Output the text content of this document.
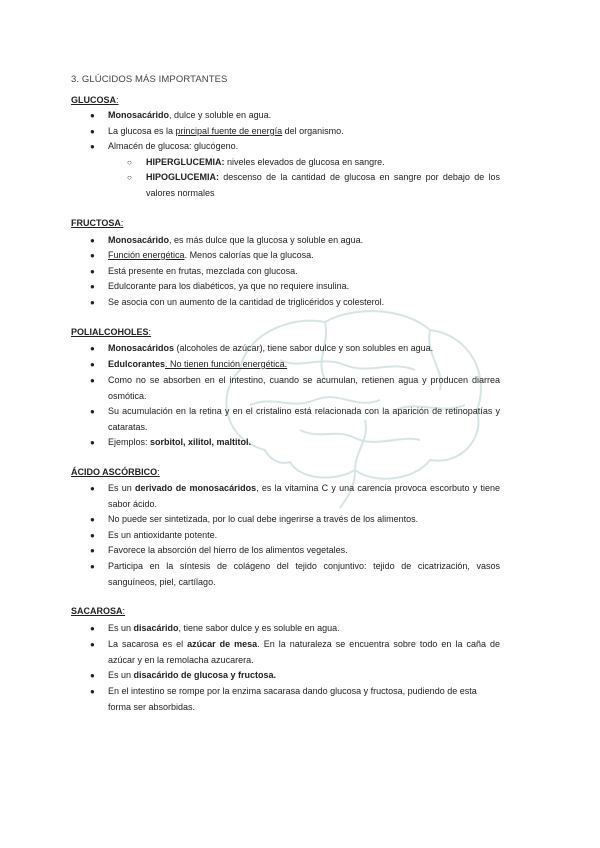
3. GLÚCIDOS MÁS IMPORTANTES
GLUCOSA:
●	Monosacárido, dulce y soluble en agua.
●	La glucosa es la principal fuente de energía del organismo.
●	Almacén de glucosa: glucógeno.
○	HIPERGLUCEMIA: niveles elevados de glucosa en sangre.
○	HIPOGLUCEMIA: descenso de la cantidad de glucosa en sangre por debajo de los valores normales
FRUCTOSA:
●	Monosacárido, es más dulce que la glucosa y soluble en agua.
●	Función energética. Menos calorías que la glucosa.
●	Está presente en frutas, mezclada con glucosa.
●	Edulcorante para los diabéticos, ya que no requiere insulina.
●	Se asocia con un aumento de la cantidad de triglicéridos y colesterol.
POLIALCOHOLES:
●	Monosacáridos (alcoholes de azúcar), tiene sabor dulce y son solubles en agua.
●	Edulcorantes. No tienen función energética.
●	Como no se absorben en el intestino, cuando se acumulan, retienen agua y producen diarrea osmótica.
●	Su acumulación en la retina y en el cristalino está relacionada con la aparición de retinopatías y cataratas.
●	Ejemplos: sorbitol, xilitol, maltitol.
ÁCIDO ASCÓRBICO:
●	Es un derivado de monosacáridos, es la vitamina C y una carencia provoca escorbuto y tiene sabor ácido.
●	No puede ser sintetizada, por lo cual debe ingerirse a través de los alimentos.
●	Es un antioxidante potente.
●	Favorece la absorción del hierro de los alimentos vegetales.
●	Participa en la síntesis de colágeno del tejido conjuntivo: tejido de cicatrización, vasos sanguíneos, piel, cartílago.
SACAROSA:
●	Es un disacárido, tiene sabor dulce y es soluble en agua.
●	La sacarosa es el azúcar de mesa. En la naturaleza se encuentra sobre todo en la caña de azúcar y en la remolacha azucarera.
●	Es un disacárido de glucosa y fructosa.
●	En el intestino se rompe por la enzima sacarasa dando glucosa y fructosa, pudiendo de esta forma ser absorbidas.
